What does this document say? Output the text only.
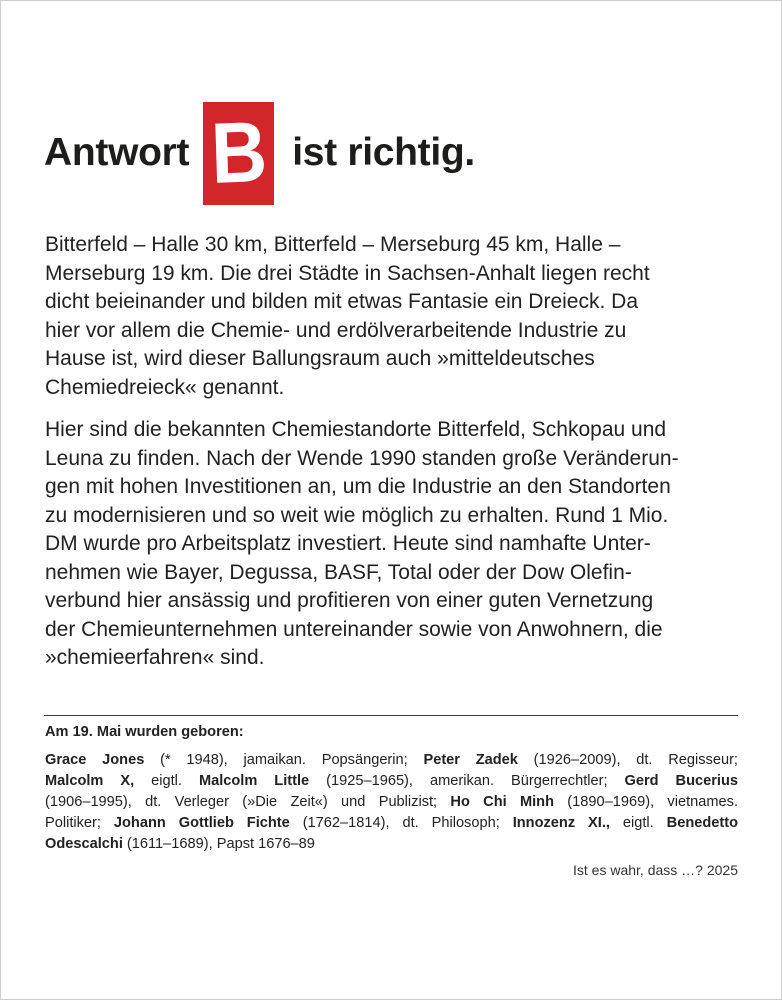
Antwort B ist richtig.

Bitterfeld – Halle 30 km, Bitterfeld – Merseburg 45 km, Halle –
Merseburg 19 km. Die drei Städte in Sachsen-Anhalt liegen recht
dicht beieinander und bilden mit etwas Fantasie ein Dreieck. Da
hier vor allem die Chemie- und erdölverarbeitende Industrie zu
Hause ist, wird dieser Ballungsraum auch »mitteldeutsches
Chemiedreieck« genannt.

Hier sind die bekannten Chemiestandorte Bitterfeld, Schkopau und
Leuna zu finden. Nach der Wende 1990 standen große Veränderun-
gen mit hohen Investitionen an, um die Industrie an den Standorten
zu modernisieren und so weit wie möglich zu erhalten. Rund 1 Mio.
DM wurde pro Arbeitsplatz investiert. Heute sind namhafte Unter-
nehmen wie Bayer, Degussa, BASF, Total oder der Dow Olefin-
verbund hier ansässig und profitieren von einer guten Vernetzung
der Chemieunternehmen untereinander sowie von Anwohnern, die
»chemieerfahren« sind.

Am 19. Mai wurden geboren:

Grace Jones (* 1948), jamaikan. Popsängerin; Peter Zadek (1926–2009), dt. Regisseur;
Malcolm X, eigtl. Malcolm Little (1925–1965), amerikan. Bürgerrechtler; Gerd Bucerius
(1906–1995), dt. Verleger (»Die Zeit«) und Publizist; Ho Chi Minh (1890–1969), vietnames.
Politiker; Johann Gottlieb Fichte (1762–1814), dt. Philosoph; Innozenz XI., eigtl. Benedetto
Odescalchi (1611–1689), Papst 1676–89

Ist es wahr, dass …? 2025
